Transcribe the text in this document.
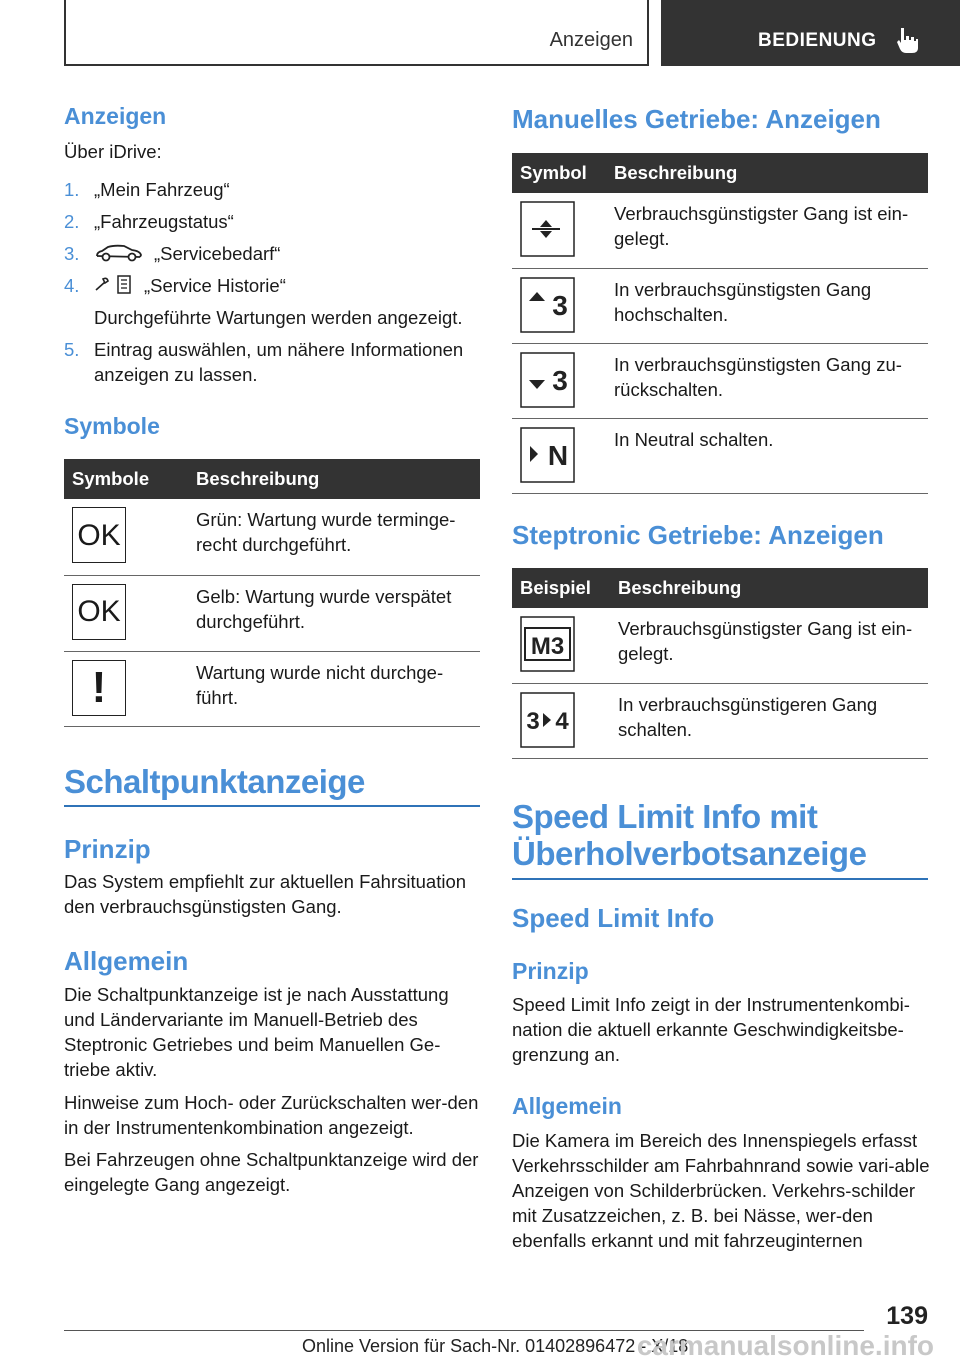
Anzeigen	BEDIENUNG
Anzeigen
Über iDrive:
1. „Mein Fahrzeug“
2. „Fahrzeugstatus“
3.	„Servicebedarf“
4.	„Service Historie“
Durchgeführte Wartungen werden angezeigt.
5. Eintrag auswählen, um nähere Informationen anzeigen zu lassen.
Symbole
Symbole	Beschreibung

OK	Grün: Wartung wurde terminge-recht durchgeführt.

OK	Gelb: Wartung wurde verspätet durchgeführt.

!	Wartung wurde nicht durchge-führt.
Schaltpunktanzeige
Prinzip
Das System empfiehlt zur aktuellen Fahrsituation den verbrauchsgünstigsten Gang.
Allgemein
Die Schaltpunktanzeige ist je nach Ausstattung und Ländervariante im Manuell-Betrieb des Steptronic Getriebes und beim Manuellen Ge-triebe aktiv.
Hinweise zum Hoch- oder Zurückschalten wer-den in der Instrumentenkombination angezeigt.
Bei Fahrzeugen ohne Schaltpunktanzeige wird der eingelegte Gang angezeigt.
Manuelles Getriebe: Anzeigen
Symbol	Beschreibung
	Verbrauchsgünstigster Gang ist ein-gelegt.

3	In verbrauchsgünstigsten Gang hochschalten.

3	In verbrauchsgünstigsten Gang zu-rückschalten.

N	In Neutral schalten.
Steptronic Getriebe: Anzeigen
Beispiel	Beschreibung

M3	Verbrauchsgünstigster Gang ist ein-gelegt.

3 4	In verbrauchsgünstigeren Gang schalten.
Speed Limit Info mit Überholverbotsanzeige
Speed Limit Info
Prinzip
Speed Limit Info zeigt in der Instrumentenkombi-nation die aktuell erkannte Geschwindigkeitsbe-grenzung an.
Allgemein
Die Kamera im Bereich des Innenspiegels erfasst Verkehrsschilder am Fahrbahnrand sowie vari-able Anzeigen von Schilderbrücken. Verkehrs-schilder mit Zusatzzeichen, z. B. bei Nässe, wer-den ebenfalls erkannt und mit fahrzeuginternen
139
Online Version für Sach-Nr. 01402896472 - X/18
carmanualsonline.info
